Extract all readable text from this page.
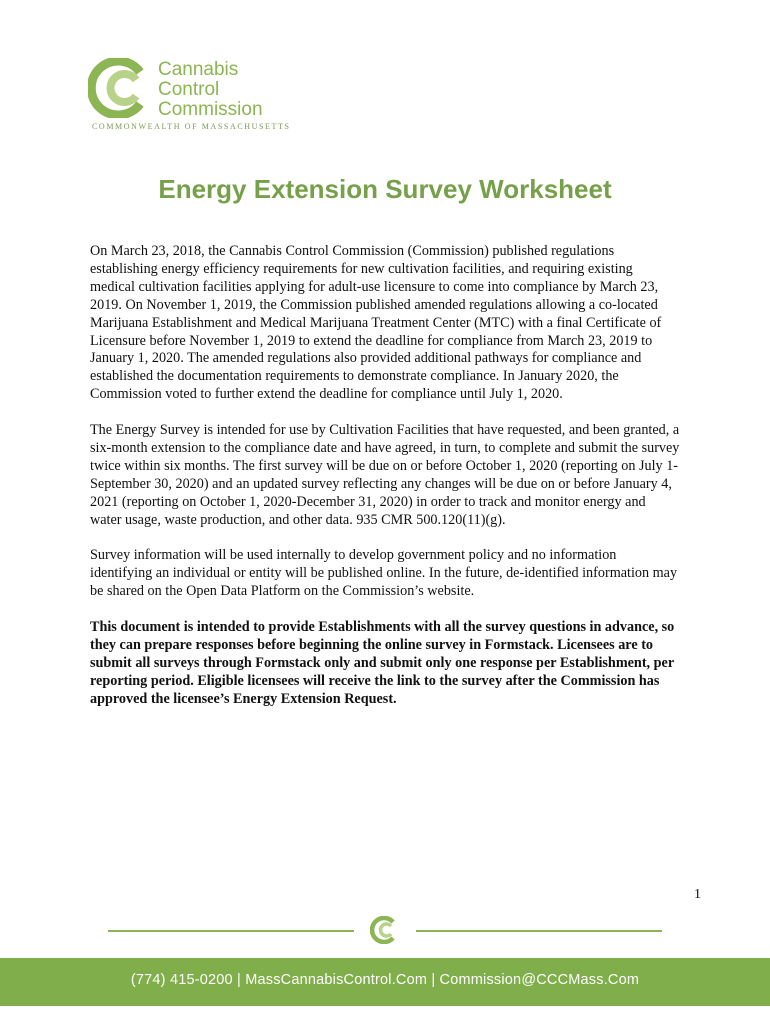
Cannabis
Control
Commission
COMMONWEALTH OF MASSACHUSETTS
Energy Extension Survey Worksheet

On March 23, 2018, the Cannabis Control Commission (Commission) published regulations establishing energy efficiency requirements for new cultivation facilities, and requiring existing medical cultivation facilities applying for adult-use licensure to come into compliance by March 23, 2019. On November 1, 2019, the Commission published amended regulations allowing a co-located Marijuana Establishment and Medical Marijuana Treatment Center (MTC) with a final Certificate of Licensure before November 1, 2019 to extend the deadline for compliance from March 23, 2019 to January 1, 2020. The amended regulations also provided additional pathways for compliance and established the documentation requirements to demonstrate compliance. In January 2020, the Commission voted to further extend the deadline for compliance until July 1, 2020.

The Energy Survey is intended for use by Cultivation Facilities that have requested, and been granted, a six-month extension to the compliance date and have agreed, in turn, to complete and submit the survey twice within six months. The first survey will be due on or before October 1, 2020 (reporting on July 1-September 30, 2020) and an updated survey reflecting any changes will be due on or before January 4, 2021 (reporting on October 1, 2020-December 31, 2020) in order to track and monitor energy and water usage, waste production, and other data. 935 CMR 500.120(11)(g).

Survey information will be used internally to develop government policy and no information identifying an individual or entity will be published online. In the future, de-identified information may be shared on the Open Data Platform on the Commission’s website.

This document is intended to provide Establishments with all the survey questions in advance, so they can prepare responses before beginning the online survey in Formstack. Licensees are to submit all surveys through Formstack only and submit only one response per Establishment, per reporting period. Eligible licensees will receive the link to the survey after the Commission has approved the licensee’s Energy Extension Request.

1
(774) 415-0200 | MassCannabisControl.Com | Commission@CCCMass.Com
